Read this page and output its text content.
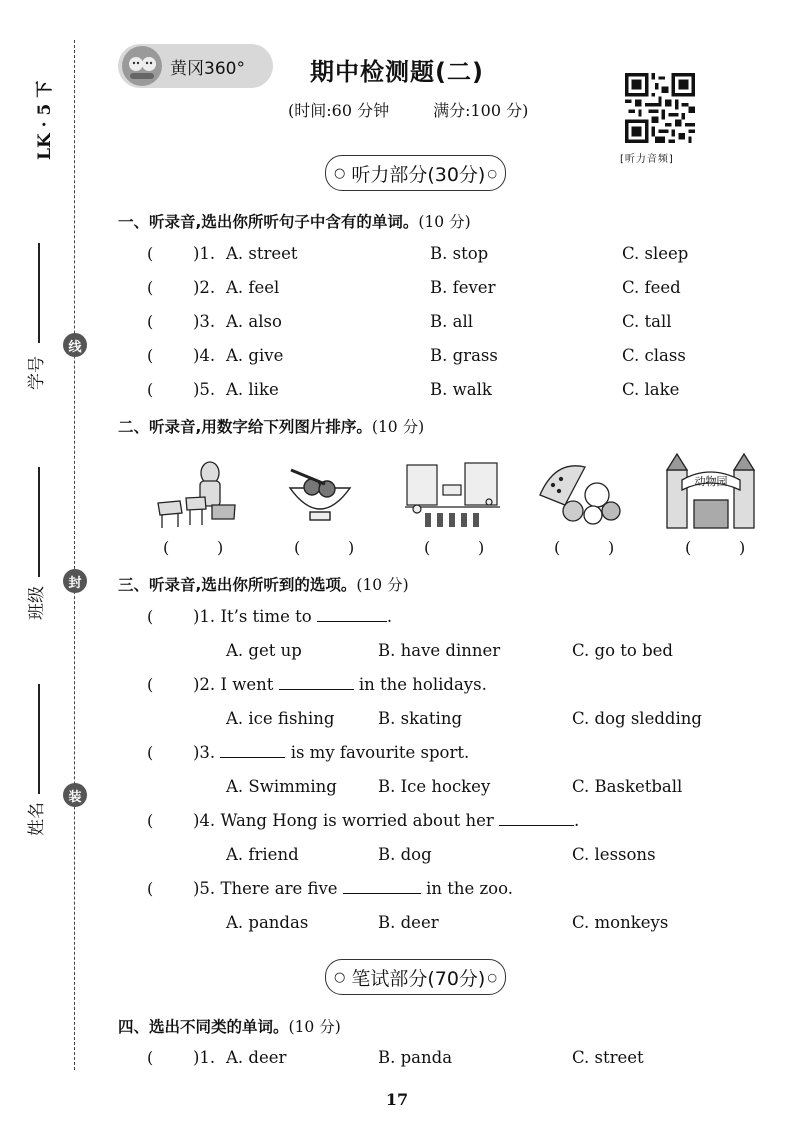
LK · 5 下
学号
班级
姓名
线
封
装
黄冈360°	期中检测题(二)
(时间:60 分钟	满分:100 分)
[听力音频]
○ 听力部分(30分) ○
一、听录音,选出你所听句子中含有的单词。(10 分)
( )1. A. street	B. stop	C. sleep
( )2. A. feel	B. fever	C. feed
( )3. A. also	B. all	C. tall
( )4. A. give	B. grass	C. class
( )5. A. like	B. walk	C. lake
二、听录音,用数字给下列图片排序。(10 分)
动物园
(	)	(	)	(	)	(	)	(	)
三、听录音,选出你所听到的选项。(10 分)
( )1. It’s time to	.
A. get up	B. have dinner	C. go to bed
( )2. I went	in the holidays.
A. ice fishing	B. skating	C. dog sledding
( )3.	is my favourite sport.
A. Swimming B. Ice hockey	C. Basketball
( )4. Wang Hong is worried about her	.
A. friend	B. dog	C. lessons
( )5. There are five	in the zoo.
A. pandas	B. deer	C. monkeys
○ 笔试部分(70分) ○
四、选出不同类的单词。(10 分)
( )1. A. deer	B. panda	C. street
17
